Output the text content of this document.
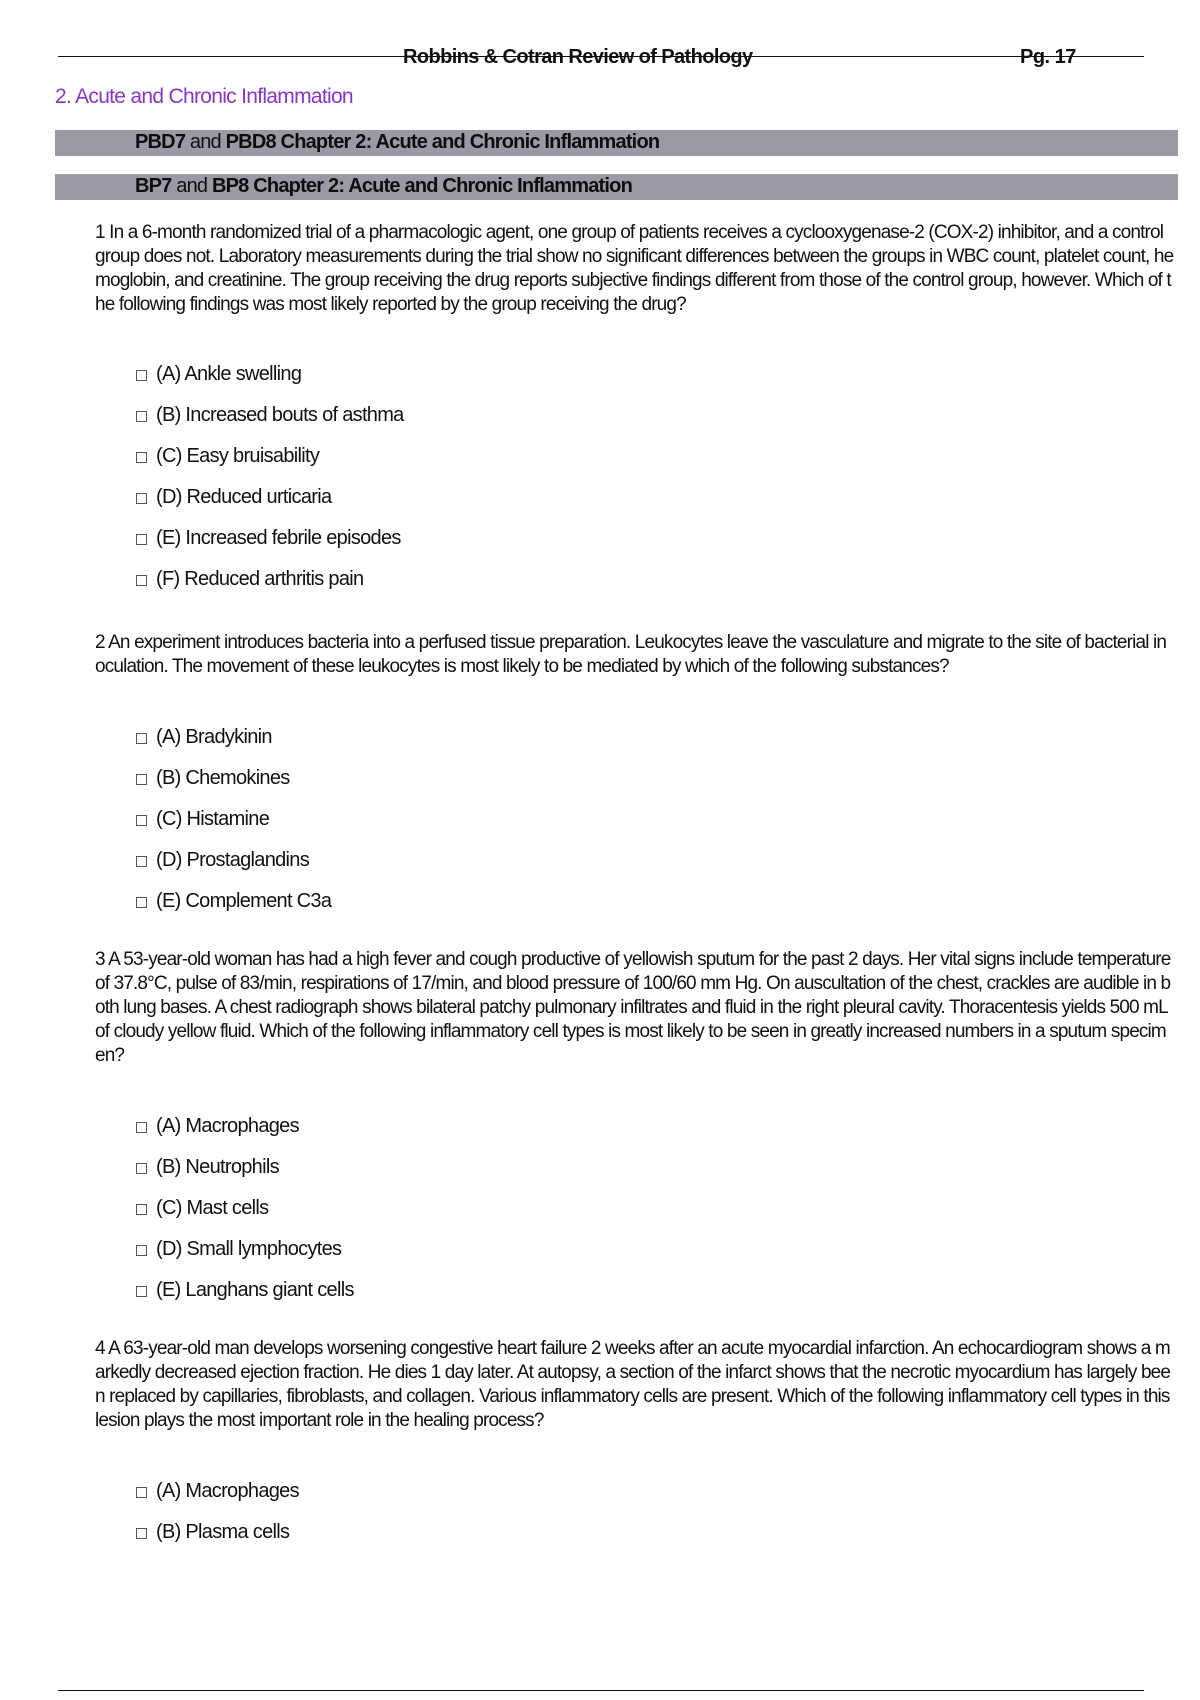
Robbins & Cotran Review of Pathology	Pg. 17
2. Acute and Chronic Inflammation
PBD7 and PBD8 Chapter 2: Acute and Chronic Inflammation
BP7 and BP8 Chapter 2: Acute and Chronic Inflammation
1 In a 6-month randomized trial of a pharmacologic agent, one group of patients receives a cyclooxygenase-2 (COX-2) inhibitor, and a control group does not. Laboratory measurements during the trial show no significant differences between the groups in WBC count, platelet count, hemoglobin, and creatinine. The group receiving the drug reports subjective findings different from those of the control group, however. Which of the following findings was most likely reported by the group receiving the drug?
(A) Ankle swelling
(B) Increased bouts of asthma
(C) Easy bruisability
(D) Reduced urticaria
(E) Increased febrile episodes
(F) Reduced arthritis pain
2 An experiment introduces bacteria into a perfused tissue preparation. Leukocytes leave the vasculature and migrate to the site of bacterial inoculation. The movement of these leukocytes is most likely to be mediated by which of the following substances?
(A) Bradykinin
(B) Chemokines
(C) Histamine
(D) Prostaglandins
(E) Complement C3a
3 A 53-year-old woman has had a high fever and cough productive of yellowish sputum for the past 2 days. Her vital signs include temperature of 37.8°C, pulse of 83/min, respirations of 17/min, and blood pressure of 100/60 mm Hg. On auscultation of the chest, crackles are audible in both lung bases. A chest radiograph shows bilateral patchy pulmonary infiltrates and fluid in the right pleural cavity. Thoracentesis yields 500 mL of cloudy yellow fluid. Which of the following inflammatory cell types is most likely to be seen in greatly increased numbers in a sputum specimen?
(A) Macrophages
(B) Neutrophils
(C) Mast cells
(D) Small lymphocytes
(E) Langhans giant cells
4 A 63-year-old man develops worsening congestive heart failure 2 weeks after an acute myocardial infarction. An echocardiogram shows a markedly decreased ejection fraction. He dies 1 day later. At autopsy, a section of the infarct shows that the necrotic myocardium has largely been replaced by capillaries, fibroblasts, and collagen. Various inflammatory cells are present. Which of the following inflammatory cell types in this lesion plays the most important role in the healing process?
(A) Macrophages
(B) Plasma cells
